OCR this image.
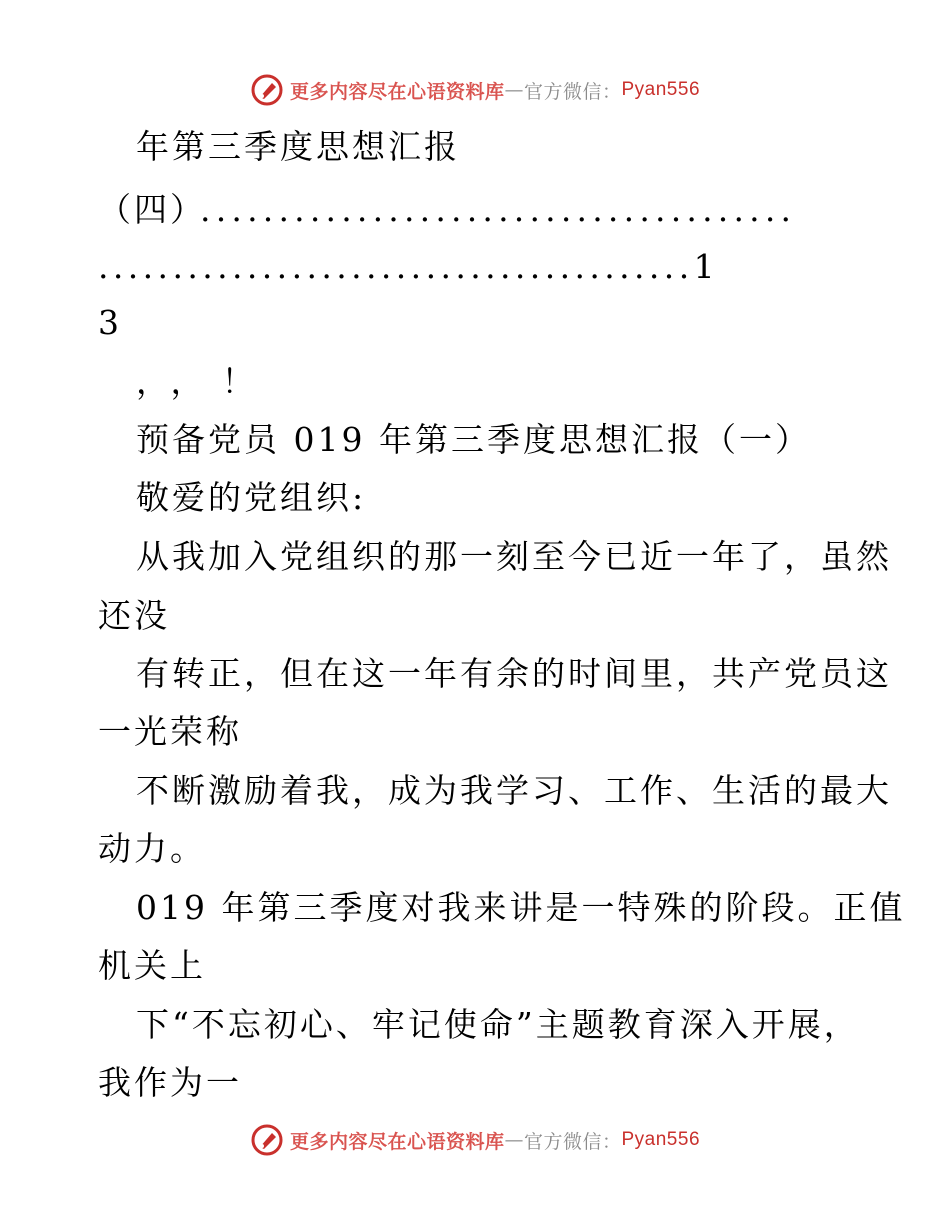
更多内容尽在心语资料库 — 官方微信： Pyan556
年第三季度思想汇报
（四）
......................................
........................................1
3
，，！
预备党员 019 年第三季度思想汇报（一）
敬爱的党组织:
从我加入党组织的那一刻至今已近一年了，虽然
还没
有转正，但在这一年有余的时间里，共产党员这
一光荣称
不断激励着我，成为我学习、工作、生活的最大
动力。
019 年第三季度对我来讲是一特殊的阶段。正值
机关上
下“不忘初心、牢记使命”主题教育深入开展，
我作为一
更多内容尽在心语资料库 — 官方微信： Pyan556
